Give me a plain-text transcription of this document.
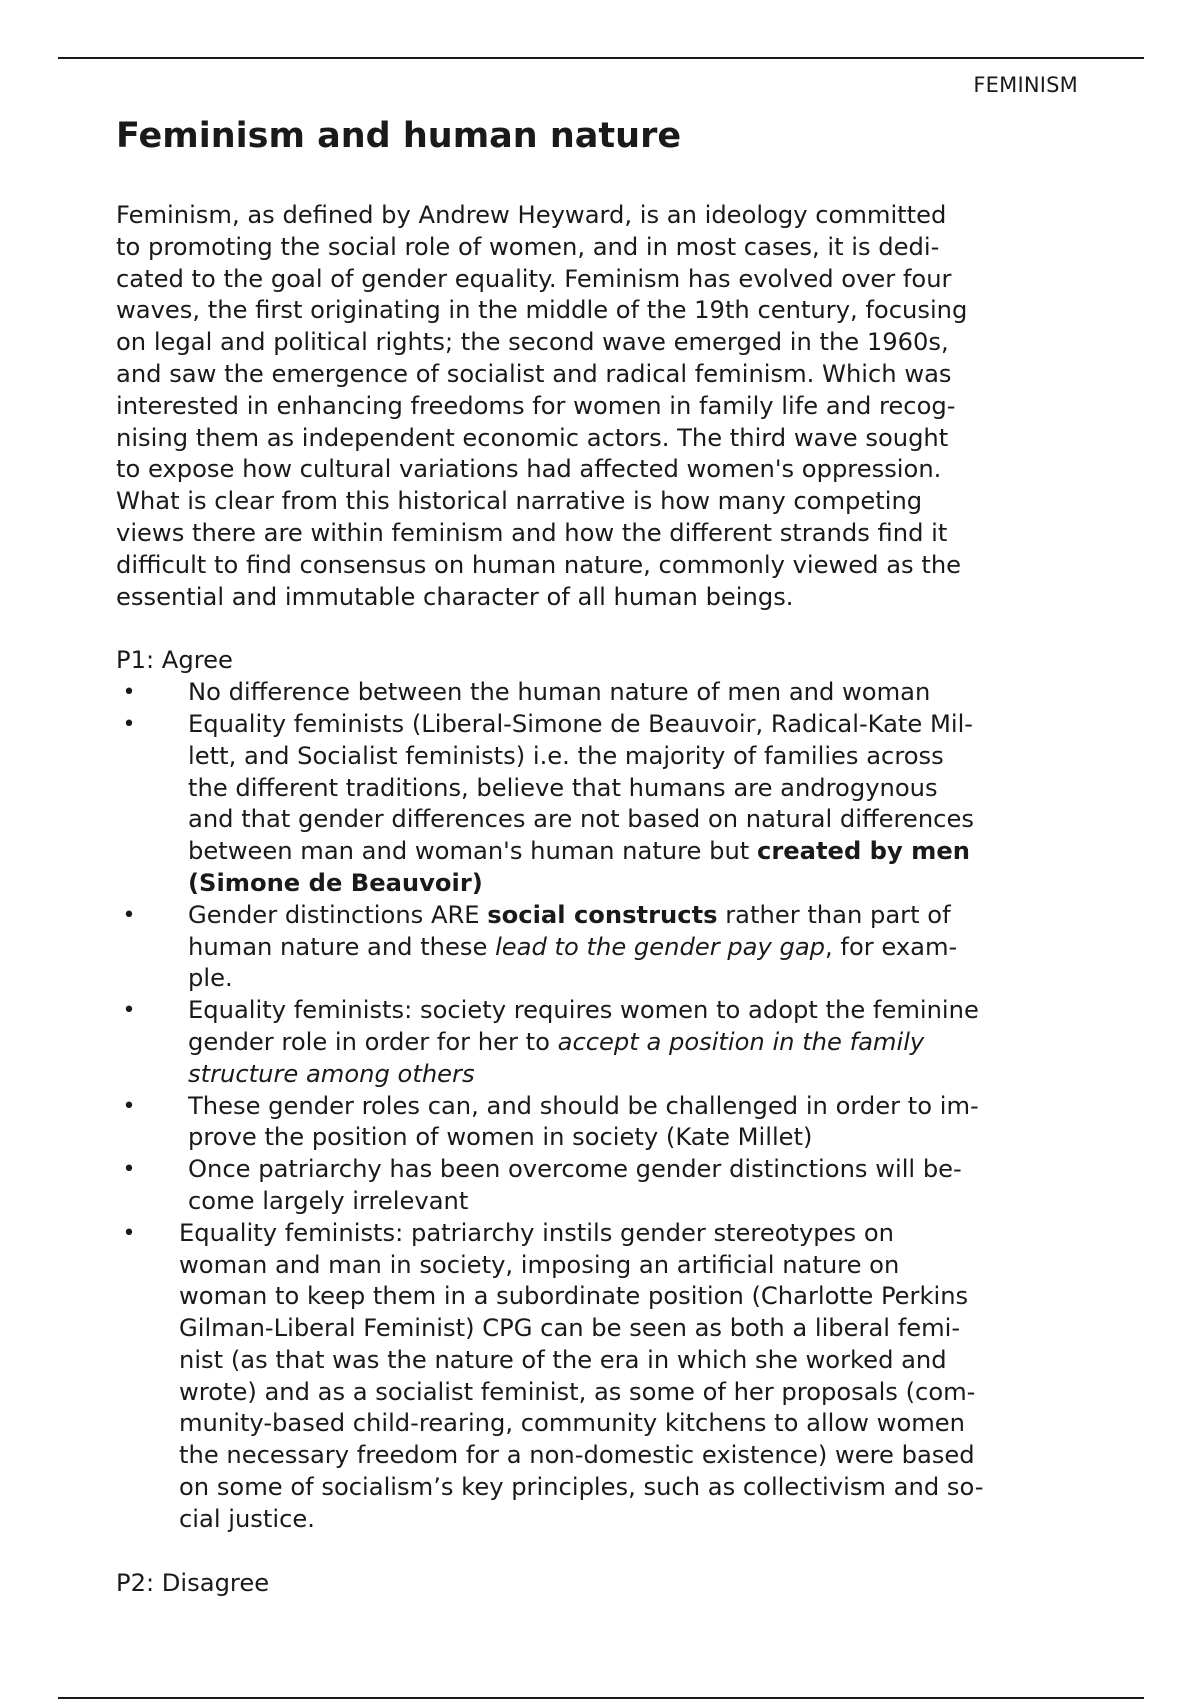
FEMINISM
Feminism and human nature

Feminism, as defined by Andrew Heyward, is an ideology committed
to promoting the social role of women, and in most cases, it is dedi-
cated to the goal of gender equality. Feminism has evolved over four
waves, the first originating in the middle of the 19th century, focusing
on legal and political rights; the second wave emerged in the 1960s,
and saw the emergence of socialist and radical feminism. Which was
interested in enhancing freedoms for women in family life and recog-
nising them as independent economic actors. The third wave sought
to expose how cultural variations had affected women's oppression.
What is clear from this historical narrative is how many competing
views there are within feminism and how the different strands find it
difficult to find consensus on human nature, commonly viewed as the
essential and immutable character of all human beings.

P1: Agree
•	No difference between the human nature of men and woman
•	Equality feminists (Liberal-Simone de Beauvoir, Radical-Kate Mil-
lett, and Socialist feminists) i.e. the majority of families across
the different traditions, believe that humans are androgynous
and that gender differences are not based on natural differences
between man and woman's human nature but created by men
(Simone de Beauvoir)
•	Gender distinctions ARE social constructs rather than part of
human nature and these lead to the gender pay gap, for exam-
ple.
•	Equality feminists: society requires women to adopt the feminine
gender role in order for her to accept a position in the family
structure among others
•	These gender roles can, and should be challenged in order to im-
prove the position of women in society (Kate Millet)
•	Once patriarchy has been overcome gender distinctions will be-
come largely irrelevant
•	Equality feminists: patriarchy instils gender stereotypes on
woman and man in society, imposing an artificial nature on
woman to keep them in a subordinate position (Charlotte Perkins
Gilman-Liberal Feminist) CPG can be seen as both a liberal femi-
nist (as that was the nature of the era in which she worked and
wrote) and as a socialist feminist, as some of her proposals (com-
munity-based child-rearing, community kitchens to allow women
the necessary freedom for a non-domestic existence) were based
on some of socialism’s key principles, such as collectivism and so-
cial justice.
P2: Disagree
